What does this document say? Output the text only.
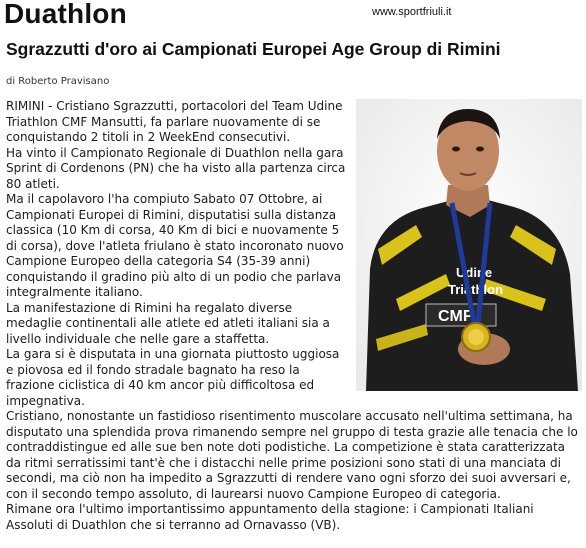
Duathlon	www.sportfriuli.it
Sgrazzutti d'oro ai Campionati Europei Age Group di Rimini
di Roberto Pravisano
Udine
Triathlon
CMF

RIMINI - Cristiano Sgrazzutti, portacolori del Team Udine Triathlon CMF Mansutti, fa parlare nuovamente di se conquistando 2 titoli in 2 WeekEnd consecutivi.

Ha vinto il Campionato Regionale di Duathlon nella gara Sprint di Cordenons (PN) che ha visto alla partenza circa 80 atleti.

Ma il capolavoro l'ha compiuto Sabato 07 Ottobre, ai Campionati Europei di Rimini, disputatisi sulla distanza classica (10 Km di corsa, 40 Km di bici e nuovamente 5 di corsa), dove l'atleta friulano è stato incoronato nuovo Campione Europeo della categoria S4 (35-39 anni) conquistando il gradino più alto di un podio che parlava integralmente italiano.

La manifestazione di Rimini ha regalato diverse medaglie continentali alle atlete ed atleti italiani sia a livello individuale che nelle gare a staffetta.

La gara si è disputata in una giornata piuttosto uggiosa e piovosa ed il fondo stradale bagnato ha reso la frazione ciclistica di 40 km ancor più difficoltosa ed impegnativa.

Cristiano, nonostante un fastidioso risentimento muscolare accusato nell'ultima settimana, ha disputato una splendida prova rimanendo sempre nel gruppo di testa grazie alle tenacia che lo contraddistingue ed alle sue ben note doti podistiche. La competizione è stata caratterizzata da ritmi serratissimi tant'è che i distacchi nelle prime posizioni sono stati di una manciata di secondi, ma ciò non ha impedito a Sgrazzutti di rendere vano ogni sforzo dei suoi avversari e, con il secondo tempo assoluto, di laurearsi nuovo Campione Europeo di categoria.

Rimane ora l'ultimo importantissimo appuntamento della stagione: i Campionati Italiani Assoluti di Duathlon che si terranno ad Ornavasso (VB).
